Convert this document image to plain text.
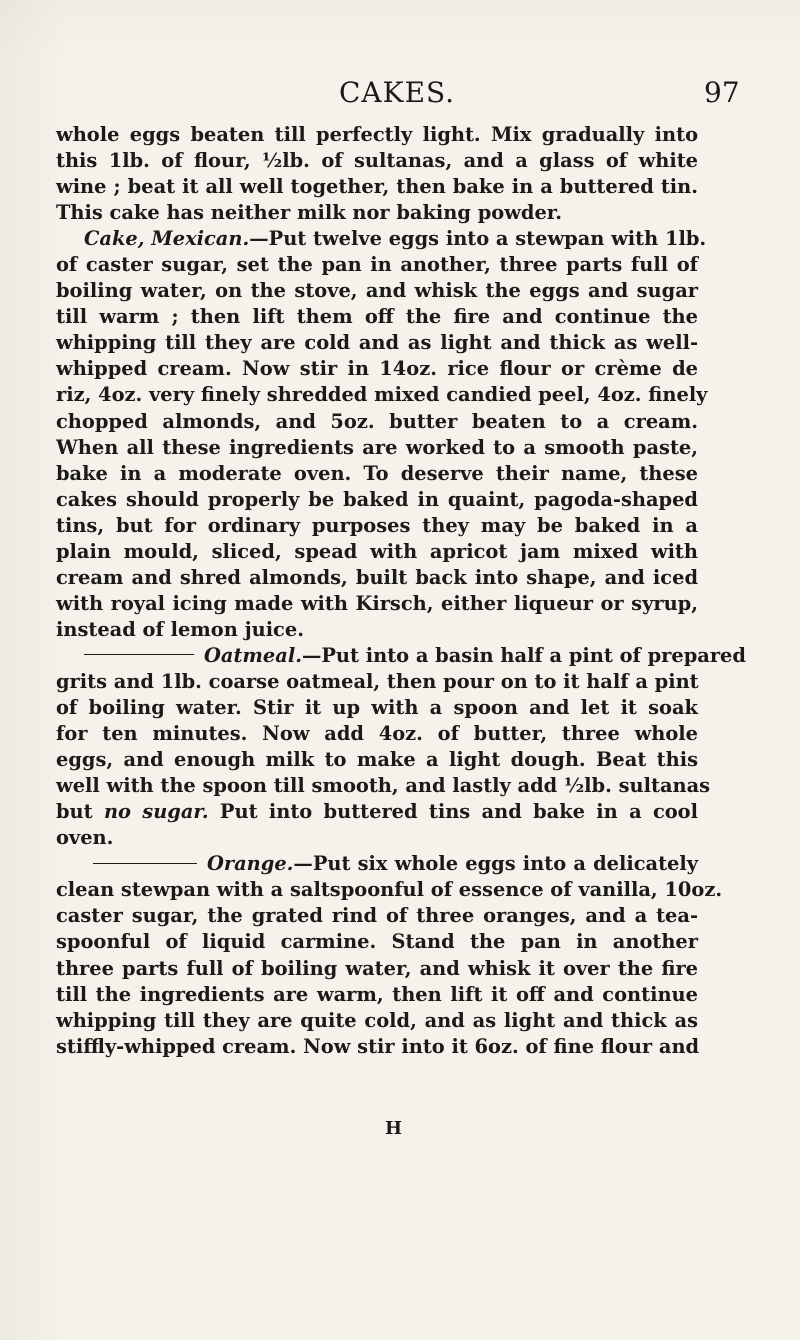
CAKES.	97
whole eggs beaten till perfectly light. Mix gradually into
this 1lb. of flour, ½lb. of sultanas, and a glass of white
wine ; beat it all well together, then bake in a buttered tin.
This cake has neither milk nor baking powder.
Cake, Mexican.—Put twelve eggs into a stewpan with 1lb.
of caster sugar, set the pan in another, three parts full of
boiling water, on the stove, and whisk the eggs and sugar
till warm ; then lift them off the fire and continue the
whipping till they are cold and as light and thick as well-
whipped cream. Now stir in 14oz. rice flour or crème de
riz, 4oz. very finely shredded mixed candied peel, 4oz. finely
chopped almonds, and 5oz. butter beaten to a cream.
When all these ingredients are worked to a smooth paste,
bake in a moderate oven. To deserve their name, these
cakes should properly be baked in quaint, pagoda-shaped
tins, but for ordinary purposes they may be baked in a
plain mould, sliced, spead with apricot jam mixed with
cream and shred almonds, built back into shape, and iced
with royal icing made with Kirsch, either liqueur or syrup,
instead of lemon juice.
Oatmeal.—Put into a basin half a pint of prepared
grits and 1lb. coarse oatmeal, then pour on to it half a pint
of boiling water. Stir it up with a spoon and let it soak
for ten minutes. Now add 4oz. of butter, three whole
eggs, and enough milk to make a light dough. Beat this
well with the spoon till smooth, and lastly add ½lb. sultanas
but no sugar. Put into buttered tins and bake in a cool
oven.
Orange.—Put six whole eggs into a delicately
clean stewpan with a saltspoonful of essence of vanilla, 10oz.
caster sugar, the grated rind of three oranges, and a tea-
spoonful of liquid carmine. Stand the pan in another
three parts full of boiling water, and whisk it over the fire
till the ingredients are warm, then lift it off and continue
whipping till they are quite cold, and as light and thick as
stiffly-whipped cream. Now stir into it 6oz. of fine flour and
H
